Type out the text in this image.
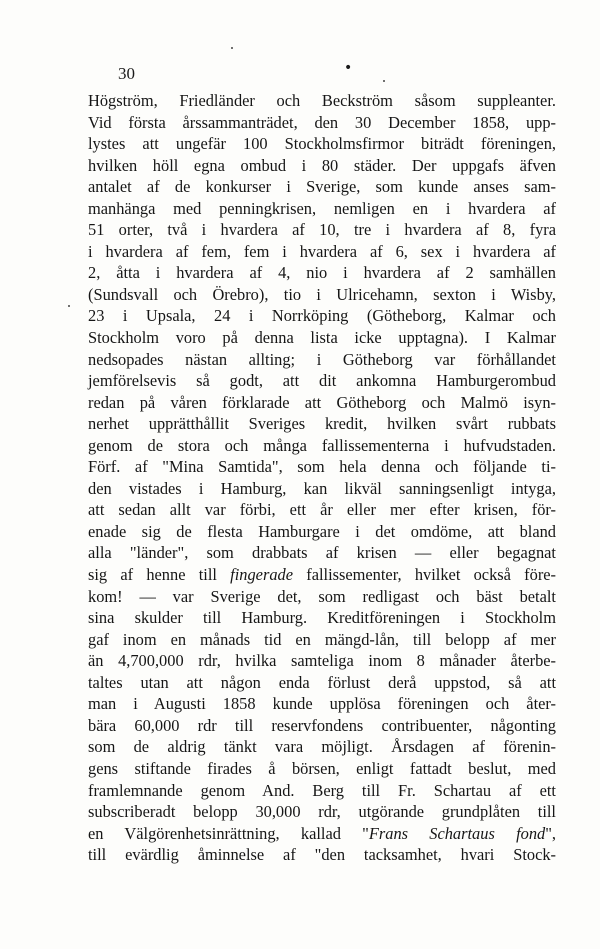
30	•
Högström, Friedländer och Beckström såsom suppleanter.
Vid första årssammanträdet, den 30 December 1858, upp-
lystes att ungefär 100 Stockholmsfirmor biträdt föreningen,
hvilken höll egna ombud i 80 städer. Der uppgafs äfven
antalet af de konkurser i Sverige, som kunde anses sam-
manhänga med penningkrisen, nemligen en i hvardera af
51 orter, två i hvardera af 10, tre i hvardera af 8, fyra
i hvardera af fem, fem i hvardera af 6, sex i hvardera af
2, åtta i hvardera af 4, nio i hvardera af 2 samhällen
(Sundsvall och Örebro), tio i Ulricehamn, sexton i Wisby,
23 i Upsala, 24 i Norrköping (Götheborg, Kalmar och
Stockholm voro på denna lista icke upptagna). I Kalmar
nedsopades nästan allting; i Götheborg var förhållandet
jemförelsevis så godt, att dit ankomna Hamburgerombud
redan på våren förklarade att Götheborg och Malmö isyn-
nerhet upprätthållit Sveriges kredit, hvilken svårt rubbats
genom de stora och många fallissementerna i hufvudstaden.
Förf. af "Mina Samtida", som hela denna och följande ti-
den vistades i Hamburg, kan likväl sanningsenligt intyga,
att sedan allt var förbi, ett år eller mer efter krisen, för-
enade sig de flesta Hamburgare i det omdöme, att bland
alla "länder", som drabbats af krisen — eller begagnat
sig af henne till fingerade fallissementer, hvilket också före-
kom! — var Sverige det, som redligast och bäst betalt
sina skulder till Hamburg. Kreditföreningen i Stockholm
gaf inom en månads tid en mängd-lån, till belopp af mer
än 4,700,000 rdr, hvilka samteliga inom 8 månader återbe-
taltes utan att någon enda förlust derå uppstod, så att
man i Augusti 1858 kunde upplösa föreningen och åter-
bära 60,000 rdr till reservfondens contribuenter, någonting
som de aldrig tänkt vara möjligt. Årsdagen af förenin-
gens stiftande firades å börsen, enligt fattadt beslut, med
framlemnande genom And. Berg till Fr. Schartau af ett
subscriberadt belopp 30,000 rdr, utgörande grundplåten till
en Välgörenhetsinrättning, kallad "Frans Schartaus fond",
till evärdlig åminnelse af "den tacksamhet, hvari Stock-
